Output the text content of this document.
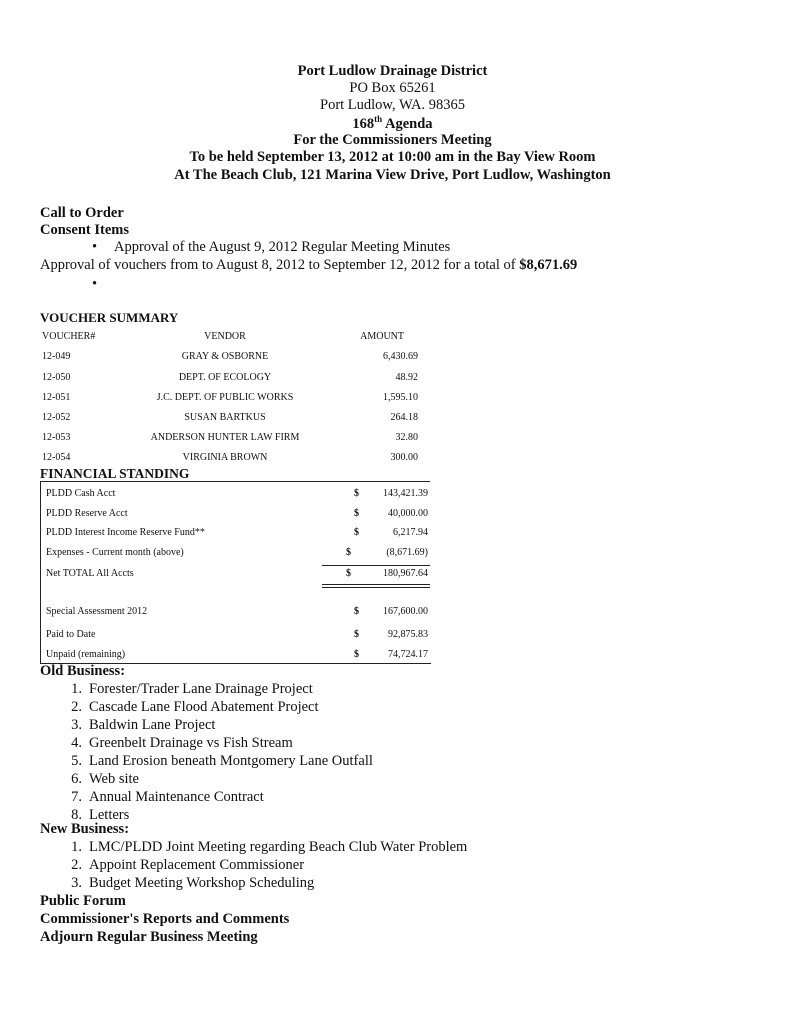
Port Ludlow Drainage District
PO Box 65261
Port Ludlow, WA. 98365
168th Agenda
For the Commissioners Meeting
To be held September 13, 2012 at 10:00 am in the Bay View Room
At The Beach Club, 121 Marina View Drive, Port Ludlow, Washington
Call to Order
Consent Items
• Approval of the August 9, 2012 Regular Meeting Minutes
Approval of vouchers from to August 8, 2012 to September 12, 2012 for a total of $8,671.69
•
VOUCHER SUMMARY
VOUCHER#	VENDOR	AMOUNT
12-049	GRAY & OSBORNE	6,430.69
12-050	DEPT. OF ECOLOGY	48.92
12-051	J.C. DEPT. OF PUBLIC WORKS	1,595.10
12-052	SUSAN BARTKUS	264.18
12-053	ANDERSON HUNTER LAW FIRM	32.80
12-054	VIRGINIA BROWN	300.00
FINANCIAL STANDING
PLDD Cash Acct	$	143,421.39
PLDD Reserve Acct	$	40,000.00
PLDD Interest Income Reserve Fund**	$	6,217.94
Expenses - Current month (above)	$	(8,671.69)
Net TOTAL All Accts	$	180,967.64
Special Assessment 2012	$	167,600.00
Paid to Date	$	92,875.83
Unpaid (remaining)	$	74,724.17
Old Business:
1. Forester/Trader Lane Drainage Project
2. Cascade Lane Flood Abatement Project
3. Baldwin Lane Project
4. Greenbelt Drainage vs Fish Stream
5. Land Erosion beneath Montgomery Lane Outfall
6. Web site
7. Annual Maintenance Contract
8. Letters
New Business:
1. LMC/PLDD Joint Meeting regarding Beach Club Water Problem
2. Appoint Replacement Commissioner
3. Budget Meeting Workshop Scheduling
Public Forum
Commissioner's Reports and Comments
Adjourn Regular Business Meeting
